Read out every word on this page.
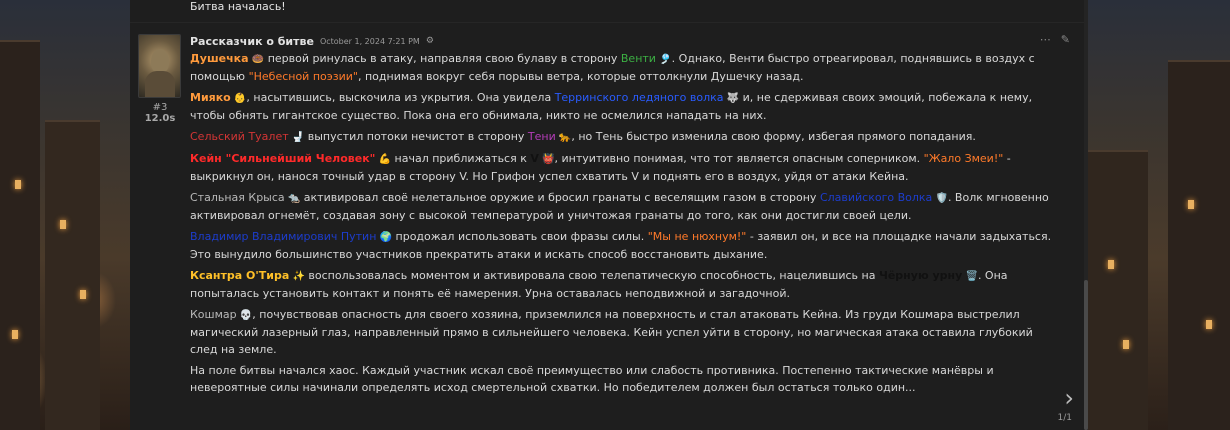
Битва началась!
#3
12.0s
Рассказчик о битве October 1, 2024 7:21 PM ⚙
Душечка 🍩 первой ринулась в атаку, направляя свою булаву в сторону Венти 🎐. Однако, Венти быстро отреагировал, поднявшись в воздух с помощью "Небесной поэзии", поднимая вокруг себя порывы ветра, которые оттолкнули Душечку назад.
Мияко 👶, насытившись, выскочила из укрытия. Она увидела Терринского ледяного волка 🐺 и, не сдерживая своих эмоций, побежала к нему, чтобы обнять гигантское существо. Пока она его обнимала, никто не осмелился нападать на них.
Сельский Туалет 🚽 выпустил потоки нечистот в сторону Тени 🐆, но Тень быстро изменила свою форму, избегая прямого попадания.
Кейн "Сильнейший Человек" 💪 начал приближаться к V 👹, интуитивно понимая, что тот является опасным соперником. "Жало Змеи!" - выкрикнул он, нанося точный удар в сторону V. Но Грифон успел схватить V и поднять его в воздух, уйдя от атаки Кейна.
Стальная Крыса 🐀 активировал своё нелетальное оружие и бросил гранаты с веселящим газом в сторону Славийского Волка 🛡️. Волк мгновенно активировал огнемёт, создавая зону с высокой температурой и уничтожая гранаты до того, как они достигли своей цели.
Владимир Владимирович Путин 🌍 продожал использовать свои фразы силы. "Мы не нюхнум!" - заявил он, и все на площадке начали задыхаться. Это вынудило большинство участников прекратить атаки и искать способ восстановить дыхание.
Ксантра О'Тира ✨ воспользовалась моментом и активировала свою телепатическую способность, нацелившись на Чёрную урну 🗑️. Она попыталась установить контакт и понять её намерения. Урна оставалась неподвижной и загадочной.
Кошмар 💀, почувствовав опасность для своего хозяина, приземлился на поверхность и стал атаковать Кейна. Из груди Кошмара выстрелил магический лазерный глаз, направленный прямо в сильнейшего человека. Кейн успел уйти в сторону, но магическая атака оставила глубокий след на земле.
На поле битвы начался хаос. Каждый участник искал своё преимущество или слабость противника. Постепенно тактические манёвры и невероятные силы начинали определять исход смертельной схватки. Но победителем должен был остаться только один...
⋯ ✎
›
1/1
